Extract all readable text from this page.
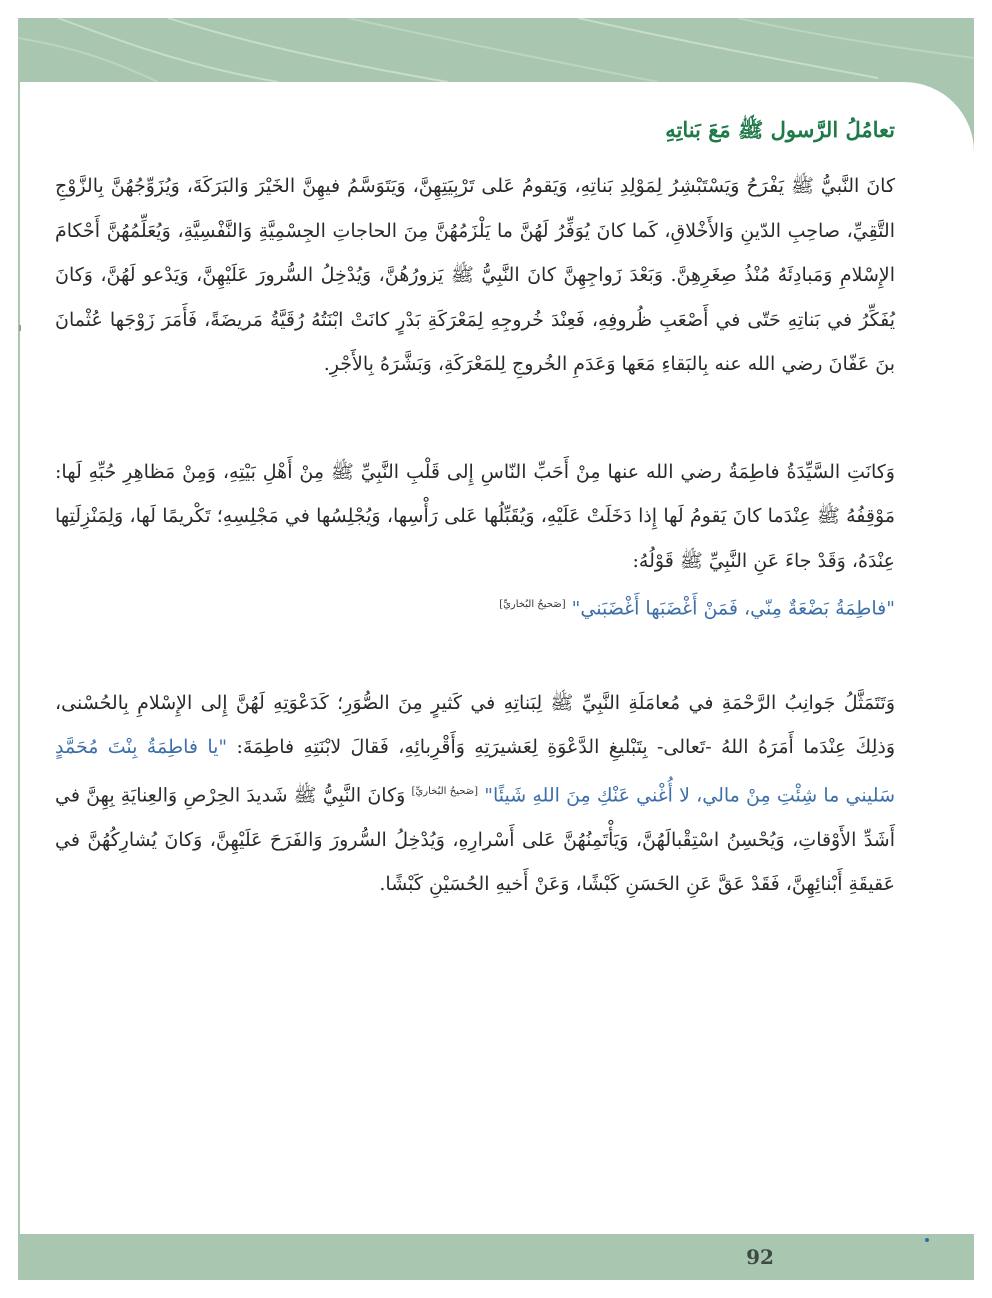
تعامُلُ الرَّسول ﷺ مَعَ بَناتِهِ

كانَ النَّبيُّ ﷺ يَفْرَحُ وَيَسْتَبْشِرُ لِمَوْلِدِ بَناتِهِ، وَيَقومُ عَلى تَرْبِيَتِهِنَّ، وَيَتَوَسَّمُ فيهِنَّ الخَيْرَ وَالبَرَكَةَ، وَيُزَوِّجُهُنَّ بِالزَّوْجِ التَّقِيِّ، صاحِبِ الدّينِ وَالأَخْلاقِ، كَما كانَ يُوَفِّرُ لَهُنَّ ما يَلْزَمُهُنَّ مِنَ الحاجاتِ الجِسْمِيَّةِ وَالنَّفْسِيَّةِ، وَيُعَلِّمُهُنَّ أَحْكامَ الإِسْلامِ وَمَبادِئَهُ مُنْذُ صِغَرِهِنَّ. وَبَعْدَ زَواجِهِنَّ كانَ النَّبِيُّ ﷺ يَزورُهُنَّ، وَيُدْخِلُ السُّرورَ عَلَيْهِنَّ، وَيَدْعو لَهُنَّ، وَكانَ يُفَكِّرُ في بَناتِهِ حَتّى في أَصْعَبِ ظُروفِهِ، فَعِنْدَ خُروجِهِ لِمَعْرَكَةِ بَدْرٍ كانَتْ ابْنَتُهُ رُقَيَّةُ مَريضَةً، فَأَمَرَ زَوْجَها عُثْمانَ بنَ عَفّانَ رضي الله عنه بِالبَقاءِ مَعَها وَعَدَمِ الخُروجِ لِلمَعْرَكَةِ، وَبَشَّرَهُ بِالأَجْرِ.

وَكانَتِ السَّيِّدَةُ فاطِمَةُ رضي الله عنها مِنْ أَحَبِّ النّاسِ إِلى قَلْبِ النَّبِيِّ ﷺ مِنْ أَهْلِ بَيْتِهِ، وَمِنْ مَظاهِرِ حُبِّهِ لَها: مَوْقِفُهُ ﷺ عِنْدَما كانَ يَقومُ لَها إِذا دَخَلَتْ عَلَيْهِ، وَيُقَبِّلُها عَلى رَأْسِها، وَيُجْلِسُها في مَجْلِسِهِ؛ تَكْريمًا لَها، وَلِمَنْزِلَتِها عِنْدَهُ، وَقَدْ جاءَ عَنِ النَّبِيِّ ﷺ قَوْلُهُ:
"فاطِمَةُ بَضْعَةٌ مِنّي، فَمَنْ أَغْضَبَها أَغْضَبَني" [صَحيحُ البُخاريِّ]

وَتَتَمَثَّلُ جَوانِبُ الرَّحْمَةِ في مُعامَلَةِ النَّبِيِّ ﷺ لِبَناتِهِ في كَثيرٍ مِنَ الصُّوَرِ؛ كَدَعْوَتِهِ لَهُنَّ إِلى الإِسْلامِ بِالحُسْنى، وَذلِكَ عِنْدَما أَمَرَهُ اللهُ -تَعالى- بِتَبْليغِ الدَّعْوَةِ لِعَشيرَتِهِ وَأَقْرِبائِهِ، فَقالَ لابْنَتِهِ فاطِمَةَ: "يا فاطِمَةُ بِنْتَ مُحَمَّدٍ سَليني ما شِئْتِ مِنْ مالي، لا أُغْني عَنْكِ مِنَ اللهِ شَيئًا" [صَحيحُ البُخاريِّ] وَكانَ النَّبِيُّ ﷺ شَديدَ الحِرْصِ وَالعِنايَةِ بِهِنَّ في أَشَدِّ الأَوْقاتِ، وَيُحْسِنُ اسْتِقْبالَهُنَّ، وَيَأْتَمِنُهُنَّ عَلى أَسْرارِهِ، وَيُدْخِلُ السُّرورَ وَالفَرَحَ عَلَيْهِنَّ، وَكانَ يُشارِكُهُنَّ في عَقيقَةِ أَبْنائِهِنَّ، فَقَدْ عَقَّ عَنِ الحَسَنِ كَبْشًا، وَعَنْ أَخيهِ الحُسَيْنِ كَبْشًا.

92
